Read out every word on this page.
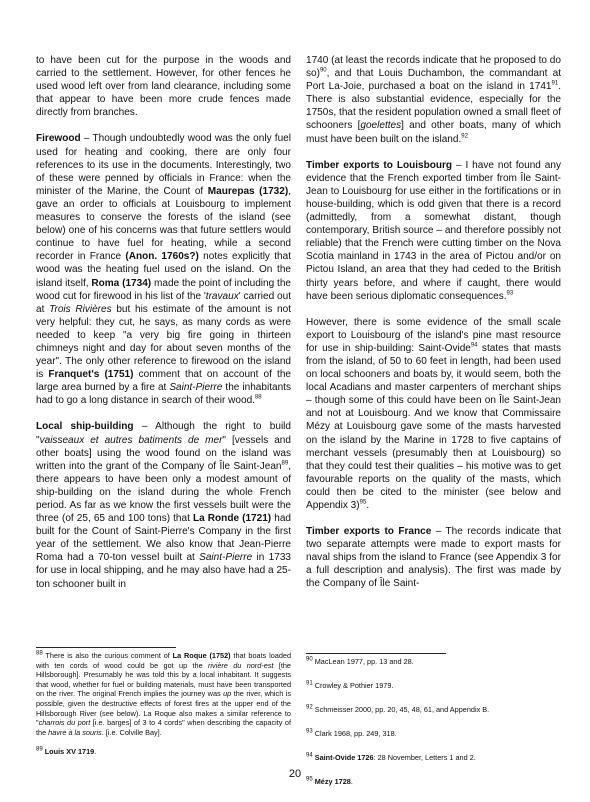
to have been cut for the purpose in the woods and carried to the settlement. However, for other fences he used wood left over from land clearance, including some that appear to have been more crude fences made directly from branches.

Firewood – Though undoubtedly wood was the only fuel used for heating and cooking, there are only four references to its use in the documents. Interestingly, two of these were penned by officials in France: when the minister of the Marine, the Count of Maurepas (1732), gave an order to officials at Louisbourg to implement measures to conserve the forests of the island (see below) one of his concerns was that future settlers would continue to have fuel for heating, while a second recorder in France (Anon. 1760s?) notes explicitly that wood was the heating fuel used on the island. On the island itself, Roma (1734) made the point of including the wood cut for firewood in his list of the 'travaux' carried out at Trois Rivières but his estimate of the amount is not very helpful: they cut, he says, as many cords as were needed to keep "a very big fire going in thirteen chimneys night and day for about seven months of the year". The only other reference to firewood on the island is Franquet's (1751) comment that on account of the large area burned by a fire at Saint-Pierre the inhabitants had to go a long distance in search of their wood.$^{88}$

Local ship-building – Although the right to build "vaisseaux et autres batiments de mer" [vessels and other boats] using the wood found on the island was written into the grant of the Company of Île Saint-Jean$^{89}$, there appears to have been only a modest amount of ship-building on the island during the whole French period. As far as we know the first vessels built were the three (of 25, 65 and 100 tons) that La Ronde (1721) had built for the Count of Saint-Pierre's Company in the first year of the settlement. We also know that Jean-Pierre Roma had a 70-ton vessel built at Saint-Pierre in 1733 for use in local shipping, and he may also have had a 25-ton schooner built in

1740 (at least the records indicate that he proposed to do so)$^{90}$, and that Louis Duchambon, the commandant at Port La-Joie, purchased a boat on the island in 1741$^{91}$. There is also substantial evidence, especially for the 1750s, that the resident population owned a small fleet of schooners [goelettes] and other boats, many of which must have been built on the island.$^{92}$

Timber exports to Louisbourg – I have not found any evidence that the French exported timber from Île Saint-Jean to Louisbourg for use either in the fortifications or in house-building, which is odd given that there is a record (admittedly, from a somewhat distant, though contemporary, British source – and therefore possibly not reliable) that the French were cutting timber on the Nova Scotia mainland in 1743 in the area of Pictou and/or on Pictou Island, an area that they had ceded to the British thirty years before, and where if caught, there would have been serious diplomatic consequences.$^{93}$

However, there is some evidence of the small scale export to Louisbourg of the island's pine mast resource for use in ship-building: Saint-Ovide$^{94}$ states that masts from the island, of 50 to 60 feet in length, had been used on local schooners and boats by, it would seem, both the local Acadians and master carpenters of merchant ships – though some of this could have been on Île Saint-Jean and not at Louisbourg. And we know that Commissaire Mézy at Louisbourg gave some of the masts harvested on the island by the Marine in 1728 to five captains of merchant vessels (presumably then at Louisbourg) so that they could test their qualities – his motive was to get favourable reports on the quality of the masts, which could then be cited to the minister (see below and Appendix 3)$^{95}$.

Timber exports to France – The records indicate that two separate attempts were made to export masts for naval ships from the island to France (see Appendix 3 for a full description and analysis). The first was made by the Company of Île Saint-

$^{88}$ There is also the curious comment of La Roque (1752) that boats loaded with ten cords of wood could be got up the rivière du nord-est [the Hillsborough]. Presumably he was told this by a local inhabitant. It suggests that wood, whether for fuel or building materials, must have been transported on the river. The original French implies the journey was up the river, which is possible, given the destructive effects of forest fires at the upper end of the Hillsborough River (see below). La Roque also makes a similar reference to "charrois du port [i.e. barges] of 3 to 4 cords" when describing the capacity of the havre à la souris. [i.e. Colville Bay].
$^{89}$ Louis XV 1719.
$^{90}$ MacLean 1977, pp. 13 and 28.
$^{91}$ Crowley & Pothier 1979.
$^{92}$ Schmeisser 2000, pp. 20, 45, 48, 61, and Appendix B.
$^{93}$ Clark 1968, pp. 249, 318.
$^{94}$ Saint-Ovide 1726: 28 November, Letters 1 and 2.
$^{95}$ Mézy 1728.
20
